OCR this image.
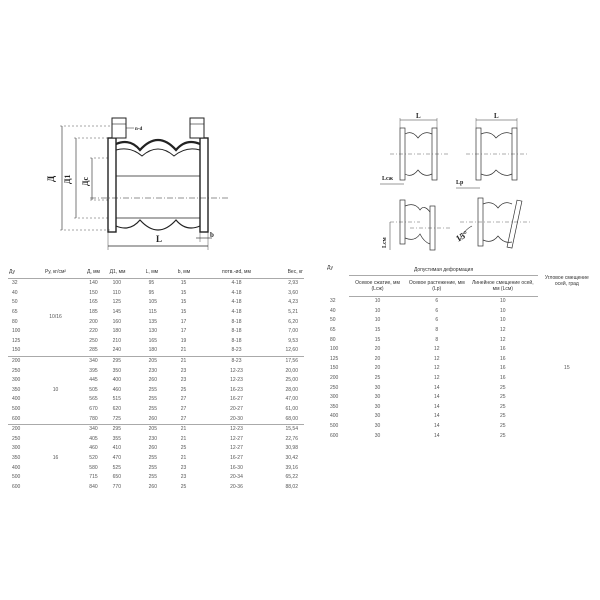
Д Д1 Дс
L	b
n-d
L	L
Lсж
Lр
Lсм	15°
Ду	Ру, кг/см²	Д, мм	Д1, мм	L, мм	b, мм	потв.-ød, мм	Вес, кг
32	10/16	140	100	95	15	4-18	2,93
40		150	110	95	15	4-18	3,60
50		165	125	105	15	4-18	4,23
65		185	145	115	15	4-18	5,21
80		200	160	135	17	8-18	6,20
100		220	180	130	17	8-18	7,00
125		250	210	165	19	8-18	9,53
150		285	240	180	21	8-23	12,60
200	10	340	295	205	21	8-23	17,56
250		395	350	230	23	12-23	20,00
300		445	400	260	23	12-23	25,00
350		505	460	255	25	16-23	28,00
400		565	515	255	27	16-27	47,00
500		670	620	255	27	20-27	61,00
600		780	725	260	27	20-30	68,00
200	16	340	295	205	21	12-23	15,54
250		405	355	230	21	12-27	22,76
300		460	410	260	25	12-27	30,98
350		520	470	255	21	16-27	30,42
400		580	525	255	23	16-30	39,16
500		715	650	255	23	20-34	65,22
600		840	770	260	25	20-36	88,02
Ду	Допустимая деформация			Угловое смещение осей, град
	Осевое сжатие, мм (Lсж)	Осевое растежение, мм (Lр)	Линейное смещение осей, мм (Lсм)	
32	10	6	10	15
40	10	6	10	
50	10	6	10	
65	15	8	12	
80	15	8	12	
100	20	12	16	
125	20	12	16	
150	20	12	16	
200	25	12	16	
250	30	14	25	
300	30	14	25	
350	30	14	25	
400	30	14	25	
500	30	14	25	
600	30	14	25	
